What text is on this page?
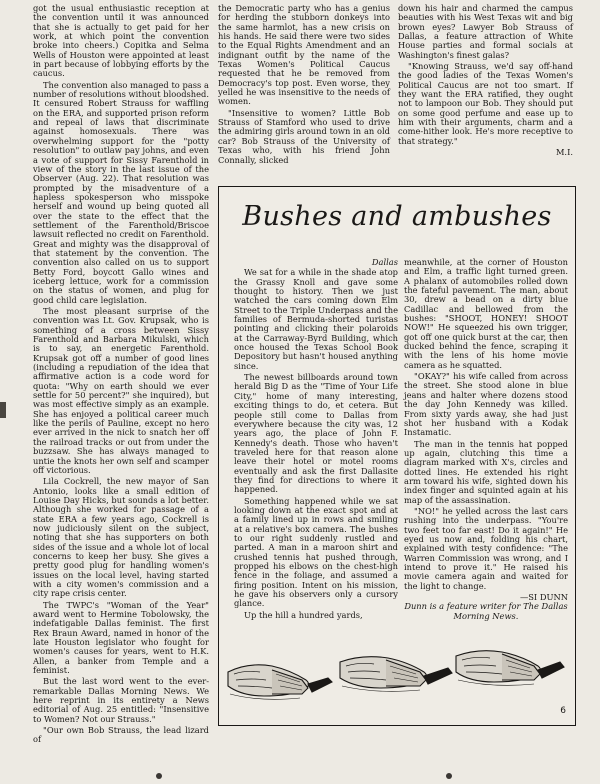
got the usual enthusiastic reception at the convention until it was announced that she is actually to get paid for her work, at which point the convention broke into cheers.) Copitka and Selma Wells of Houston were appointed at least in part because of lobbying efforts by the caucus.

The convention also managed to pass a number of resolutions without bloodshed. It censured Robert Strauss for waffling on the ERA, and supported prison reform and repeal of laws that discriminate against homosexuals. There was overwhelming support for the "potty resolution" to outlaw pay johns, and even a vote of support for Sissy Farenthold in view of the story in the last issue of the Observer (Aug. 22). That resolution was prompted by the misadventure of a hapless spokesperson who misspoke herself and wound up being quoted all over the state to the effect that the settlement of the Farenthold/Briscoe lawsuit reflected no credit on Farenthold. Great and mighty was the disapproval of that statement by the convention. The convention also called on us to support Betty Ford, boycott Gallo wines and iceberg lettuce, work for a commission on the status of women, and plug for good child care legislation.

The most pleasant surprise of the convention was Lt. Gov. Krupsak, who is something of a cross between Sissy Farenthold and Barbara Mikulski, which is to say, an energetic Farenthold. Krupsak got off a number of good lines (including a repudiation of the idea that affirmative action is a code word for quota: "Why on earth should we ever settle for 50 percent?" she inquired), but was most effective simply as an example. She has enjoyed a political career much like the perils of Pauline, except no hero ever arrived in the nick to snatch her off the railroad tracks or out from under the buzzsaw. She has always managed to untie the knots her own self and scamper off victorious.

Lila Cockrell, the new mayor of San Antonio, looks like a small edition of Louise Day Hicks, but sounds a lot better. Although she worked for passage of a state ERA a few years ago, Cockrell is now judiciously silent on the subject, noting that she has supporters on both sides of the issue and a whole lot of local concerns to keep her busy. She gives a pretty good plug for handling women's issues on the local level, having started with a city women's commission and a city rape crisis center.

The TWPC's "Woman of the Year" award went to Hermine Tobolowsky, the indefatigable Dallas feminist. The first Rex Braun Award, named in honor of the late Houston legislator who fought for women's causes for years, went to H.K. Allen, a banker from Temple and a feminist.

But the last word went to the ever-remarkable Dallas Morning News. We here reprint in its entirety a News editorial of Aug. 25 entitled: "Insensitive to Women? Not our Strauss."

"Our own Bob Strauss, the lead lizard of

the Democratic party who has a genius for herding the stubborn donkeys into the same harmlot, has a new crisis on his hands. He said there were two sides to the Equal Rights Amendment and an indignant outfit by the name of the Texas Women's Political Caucus requested that he be removed from Democracy's top post. Even worse, they yelled he was insensitive to the needs of women.

"Insensitive to women? Little Bob Strauss of Stamford who used to drive the admiring girls around town in an old car? Bob Strauss of the University of Texas who, with his friend John Connally, slicked

down his hair and charmed the campus beauties with his West Texas wit and big brown eyes? Lawyer Bob Strauss of Dallas, a feature attraction of White House parties and formal socials at Washington's finest galas?

"Knowing Strauss, we'd say off-hand the good ladies of the Texas Women's Political Caucus are not too smart. If they want the ERA ratified, they ought not to lampoon our Bob. They should put on some good perfume and ease up to him with their arguments, charm and a come-hither look. He's more receptive to that strategy."

M.I.
Bushes and ambushes
Dallas

We sat for a while in the shade atop the Grassy Knoll and gave some thought to history. Then we just watched the cars coming down Elm Street to the Triple Underpass and the families of Bermuda-shorted turistas pointing and clicking their polaroids at the Carraway-Byrd Building, which once housed the Texas School Book Depository but hasn't housed anything since.

The newest billboards around town herald Big D as the "Time of Your Life City," home of many interesting, exciting things to do, et cetera. But people still come to Dallas from everywhere because the city was, 12 years ago, the place of John F. Kennedy's death. Those who haven't traveled here for that reason alone leave their hotel or motel rooms eventually and ask the first Dallasite they find for directions to where it happened.

Something happened while we sat looking down at the exact spot and at a family lined up in rows and smiling at a relative's box camera. The bushes to our right suddenly rustled and parted. A man in a maroon shirt and crushed tennis hat pushed through, propped his elbows on the chest-high fence in the foliage, and assumed a firing position. Intent on his mission, he gave his observers only a cursory glance.

Up the hill a hundred yards,

meanwhile, at the corner of Houston and Elm, a traffic light turned green. A phalanx of automobiles rolled down the fateful pavement. The man, about 30, drew a bead on a dirty blue Cadillac and bellowed from the bushes: "SHOOT, HONEY! SHOOT NOW!" He squeezed his own trigger, got off one quick burst at the car, then ducked behind the fence, scraping it with the lens of his home movie camera as he squatted.

"OKAY?" his wife called from across the street. She stood alone in blue jeans and halter where dozens stood the day John Kennedy was killed. From sixty yards away, she had just shot her husband with a Kodak Instamatic.

The man in the tennis hat popped up again, clutching this time a diagram marked with X's, circles and dotted lines. He extended his right arm toward his wife, sighted down his index finger and squinted again at his map of the assassination.

"NO!" he yelled across the last cars rushing into the underpass. "You're two feet too far east! Do it again!" He eyed us now and, folding his chart, explained with testy confidence: "The Warren Commission was wrong, and I intend to prove it." He raised his movie camera again and waited for the light to change.

—SI DUNN

Dunn is a feature writer for The Dallas Morning News.

6
